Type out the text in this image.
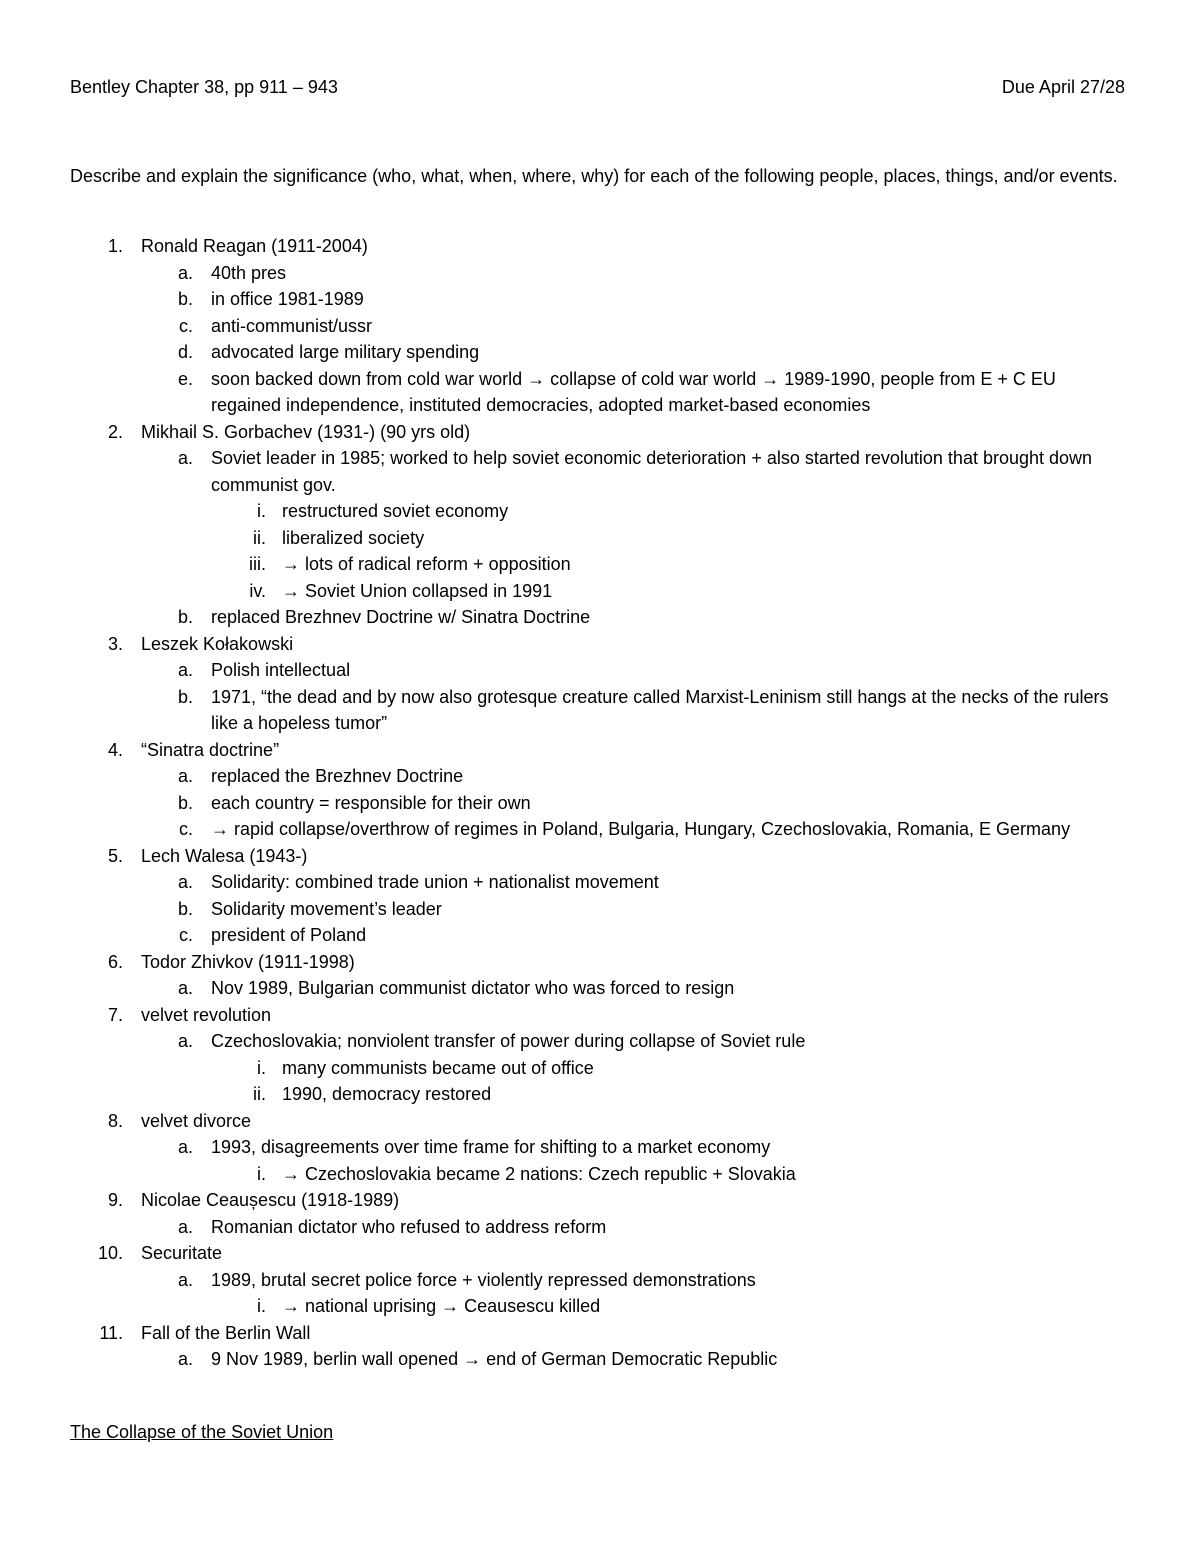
Bentley Chapter 38, pp 911 – 943	Due April 27/28

Describe and explain the significance (who, what, when, where, why) for each of the following people, places, things, and/or events.

1. Ronald Reagan (1911-2004)
a. 40th pres
b. in office 1981-1989
c. anti-communist/ussr
d. advocated large military spending
e. soon backed down from cold war world → collapse of cold war world → 1989-1990, people from E + C EU regained independence, instituted democracies, adopted market-based economies
2. Mikhail S. Gorbachev (1931-) (90 yrs old)
a. Soviet leader in 1985; worked to help soviet economic deterioration + also started revolution that brought down communist gov.
i. restructured soviet economy
ii. liberalized society
iii. → lots of radical reform + opposition
iv. → Soviet Union collapsed in 1991
b. replaced Brezhnev Doctrine w/ Sinatra Doctrine
3. Leszek Kołakowski
a. Polish intellectual
b. 1971, “the dead and by now also grotesque creature called Marxist-Leninism still hangs at the necks of the rulers like a hopeless tumor”
4. “Sinatra doctrine”
a. replaced the Brezhnev Doctrine
b. each country = responsible for their own
c. → rapid collapse/overthrow of regimes in Poland, Bulgaria, Hungary, Czechoslovakia, Romania, E Germany
5. Lech Walesa (1943-)
a. Solidarity: combined trade union + nationalist movement
b. Solidarity movement’s leader
c. president of Poland
6. Todor Zhivkov (1911-1998)
a. Nov 1989, Bulgarian communist dictator who was forced to resign
7. velvet revolution
a. Czechoslovakia; nonviolent transfer of power during collapse of Soviet rule
i. many communists became out of office
ii. 1990, democracy restored
8. velvet divorce
a. 1993, disagreements over time frame for shifting to a market economy
i. → Czechoslovakia became 2 nations: Czech republic + Slovakia
9. Nicolae Ceaușescu (1918-1989)
a. Romanian dictator who refused to address reform
10. Securitate
a. 1989, brutal secret police force + violently repressed demonstrations
i. → national uprising → Ceausescu killed
11. Fall of the Berlin Wall
a. 9 Nov 1989, berlin wall opened → end of German Democratic Republic
The Collapse of the Soviet Union
